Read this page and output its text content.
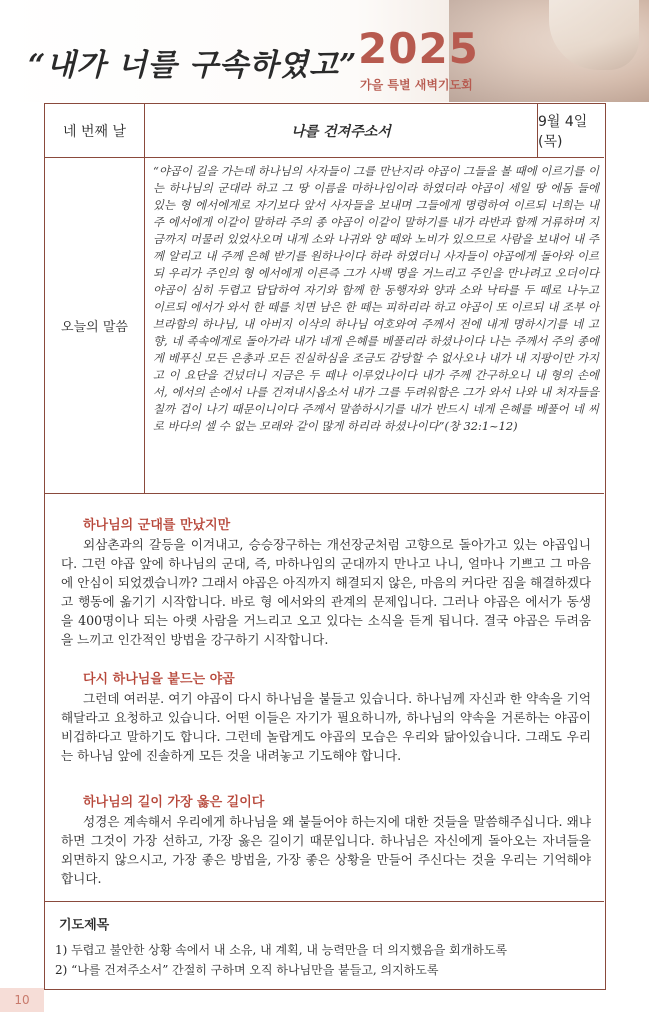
“내가 너를 구속하였고” 2025
가을 특별 새벽기도회
네 번째 날	나를 건져주소서
9월 4일(목)
오늘의 말씀
“야곱이 길을 가는데 하나님의 사자들이 그를 만난지라 야곱이 그들을 볼 때에 이르기를 이는 하나님의 군대라 하고 그 땅 이름을 마하나임이라 하였더라 야곱이 세일 땅 에돔 들에 있는 형 에서에게로 자기보다 앞서 사자들을 보내며 그들에게 명령하여 이르되 너희는 내 주 에서에게 이같이 말하라 주의 종 야곱이 이같이 말하기를 내가 라반과 함께 거류하며 지금까지 머물러 있었사오며 내게 소와 나귀와 양 떼와 노비가 있으므로 사람을 보내어 내 주께 알리고 내 주께 은혜 받기를 원하나이다 하라 하였더니 사자들이 야곱에게 돌아와 이르되 우리가 주인의 형 에서에게 이른즉 그가 사백 명을 거느리고 주인을 만나려고 오더이다 야곱이 심히 두렵고 답답하여 자기와 함께 한 동행자와 양과 소와 낙타를 두 떼로 나누고 이르되 에서가 와서 한 떼를 치면 남은 한 떼는 피하리라 하고 야곱이 또 이르되 내 조부 아브라함의 하나님, 내 아버지 이삭의 하나님 여호와여 주께서 전에 내게 명하시기를 네 고향, 네 족속에게로 돌아가라 내가 네게 은혜를 베풀리라 하셨나이다 나는 주께서 주의 종에게 베푸신 모든 은총과 모든 진실하심을 조금도 감당할 수 없사오나 내가 내 지팡이만 가지고 이 요단을 건넜더니 지금은 두 떼나 이루었나이다 내가 주께 간구하오니 내 형의 손에서, 에서의 손에서 나를 건져내시옵소서 내가 그를 두려워함은 그가 와서 나와 내 처자들을 칠까 겁이 나기 때문이니이다 주께서 말씀하시기를 내가 반드시 네게 은혜를 베풀어 네 씨로 바다의 셀 수 없는 모래와 같이 많게 하리라 하셨나이다”(창 32:1~12)
하나님의 군대를 만났지만
외삼촌과의 갈등을 이겨내고, 승승장구하는 개선장군처럼 고향으로 돌아가고 있는 야곱입니다. 그런 야곱 앞에 하나님의 군대, 즉, 마하나임의 군대까지 만나고 나니, 얼마나 기쁘고 그 마음에 안심이 되었겠습니까? 그래서 야곱은 아직까지 해결되지 않은, 마음의 커다란 짐을 해결하겠다고 행동에 옮기기 시작합니다. 바로 형 에서와의 관계의 문제입니다. 그러나 야곱은 에서가 동생을 400명이나 되는 아랫 사람을 거느리고 오고 있다는 소식을 듣게 됩니다. 결국 야곱은 두려움을 느끼고 인간적인 방법을 강구하기 시작합니다.
다시 하나님을 붙드는 야곱
그런데 여러분. 여기 야곱이 다시 하나님을 붙들고 있습니다. 하나님께 자신과 한 약속을 기억해달라고 요청하고 있습니다. 어떤 이들은 자기가 필요하니까, 하나님의 약속을 거론하는 야곱이 비겁하다고 말하기도 합니다. 그런데 놀랍게도 야곱의 모습은 우리와 닮아있습니다. 그래도 우리는 하나님 앞에 진솔하게 모든 것을 내려놓고 기도해야 합니다.
하나님의 길이 가장 옳은 길이다
성경은 계속해서 우리에게 하나님을 왜 붙들어야 하는지에 대한 것들을 말씀해주십니다. 왜냐하면 그것이 가장 선하고, 가장 옳은 길이기 때문입니다. 하나님은 자신에게 돌아오는 자녀들을 외면하지 않으시고, 가장 좋은 방법을, 가장 좋은 상황을 만들어 주신다는 것을 우리는 기억해야 합니다.
기도제목
1) 두렵고 불안한 상황 속에서 내 소유, 내 계획, 내 능력만을 더 의지했음을 회개하도록
2) “나를 건져주소서” 간절히 구하며 오직 하나님만을 붙들고, 의지하도록
10
